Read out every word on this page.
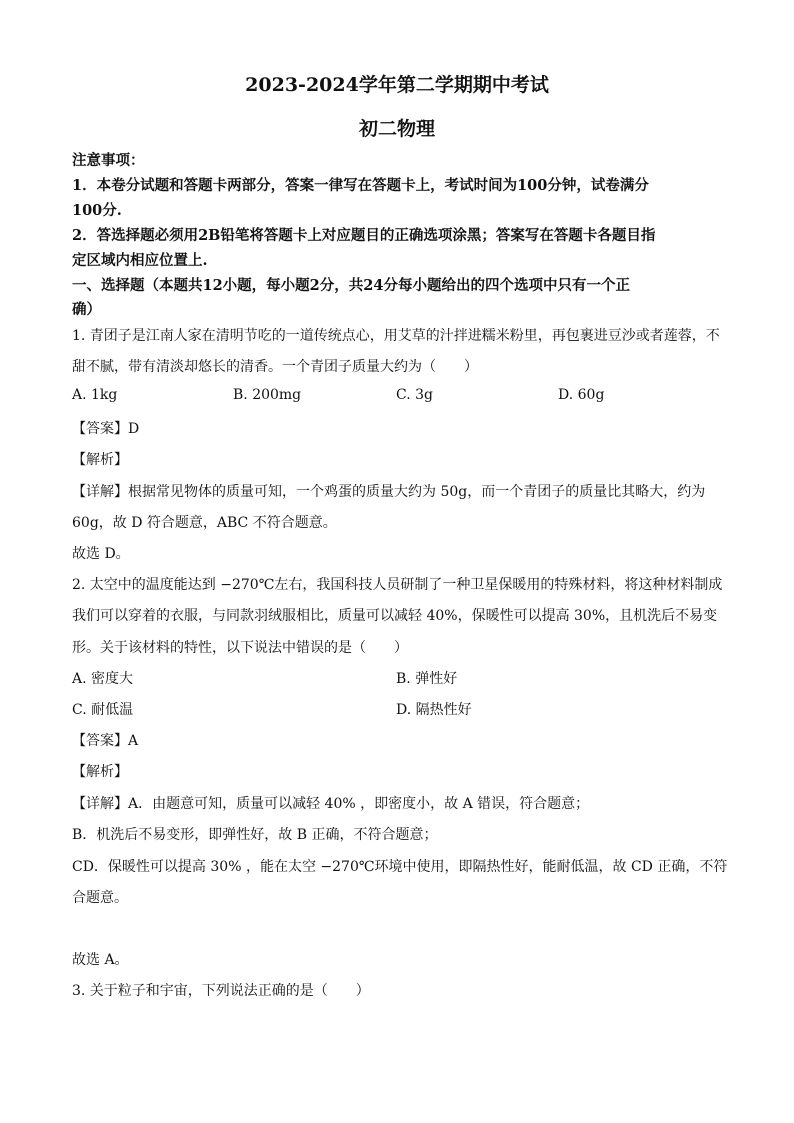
2023-2024学年第二学期期中考试
初二物理
注意事项：
1．本卷分试题和答题卡两部分，答案一律写在答题卡上，考试时间为100分钟，试卷满分
100分.
2．答选择题必须用2B铅笔将答题卡上对应题目的正确选项涂黑；答案写在答题卡各题目指
定区域内相应位置上.
一、选择题（本题共12小题，每小题2分，共24分每小题给出的四个选项中只有一个正
确）
1. 青团子是江南人家在清明节吃的一道传统点心，用艾草的汁拌进糯米粉里，再包裹进豆沙或者莲蓉，不
甜不腻，带有清淡却悠长的清香。一个青团子质量大约为（　　）
A. 1kg	B. 200mg	C. 3g	D. 60g
【答案】D
【解析】
【详解】根据常见物体的质量可知，一个鸡蛋的质量大约为 50g，而一个青团子的质量比其略大，约为
60g，故 D 符合题意，ABC 不符合题意。
故选 D。
2. 太空中的温度能达到 −270℃左右，我国科技人员研制了一种卫星保暖用的特殊材料，将这种材料制成
我们可以穿着的衣服，与同款羽绒服相比，质量可以减轻 40%，保暖性可以提高 30%，且机洗后不易变
形。关于该材料的特性，以下说法中错误的是（　　）
A. 密度大	B. 弹性好
C. 耐低温	D. 隔热性好
【答案】A
【解析】
【详解】A．由题意可知，质量可以减轻 40% ，即密度小，故 A 错误，符合题意；
B．机洗后不易变形，即弹性好，故 B 正确，不符合题意；
CD．保暖性可以提高 30% ，能在太空 −270℃环境中使用，即隔热性好，能耐低温，故 CD 正确，不符
合题意。
故选 A。
3. 关于粒子和宇宙，下列说法正确的是（　　）
